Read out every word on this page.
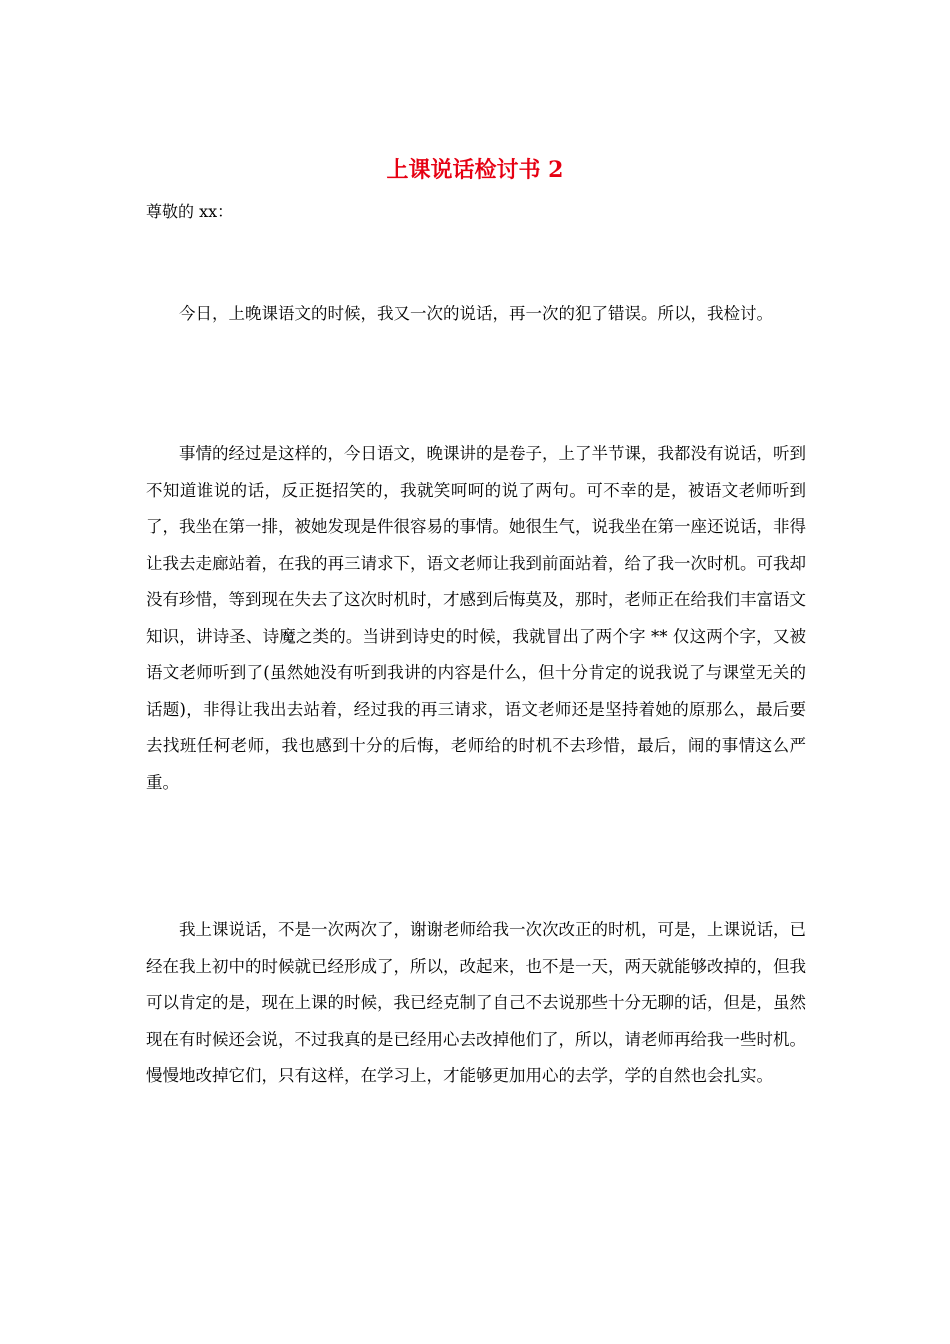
上课说话检讨书 2

尊敬的 xx：

今日，上晚课语文的时候，我又一次的说话，再一次的犯了错误。所以，我检讨。

事情的经过是这样的，今日语文，晚课讲的是卷子，上了半节课，我都没有说话，听到不知道谁说的话，反正挺招笑的，我就笑呵呵的说了两句。可不幸的是，被语文老师听到了，我坐在第一排，被她发现是件很容易的事情。她很生气，说我坐在第一座还说话，非得让我去走廊站着，在我的再三请求下，语文老师让我到前面站着，给了我一次时机。可我却没有珍惜，等到现在失去了这次时机时，才感到后悔莫及，那时，老师正在给我们丰富语文知识，讲诗圣、诗魔之类的。当讲到诗史的时候，我就冒出了两个字 ** 仅这两个字，又被语文老师听到了(虽然她没有听到我讲的内容是什么，但十分肯定的说我说了与课堂无关的话题)，非得让我出去站着，经过我的再三请求，语文老师还是坚持着她的原那么，最后要去找班任柯老师，我也感到十分的后悔，老师给的时机不去珍惜，最后，闹的事情这么严重。

我上课说话，不是一次两次了，谢谢老师给我一次次改正的时机，可是，上课说话，已经在我上初中的时候就已经形成了，所以，改起来，也不是一天，两天就能够改掉的，但我可以肯定的是，现在上课的时候，我已经克制了自己不去说那些十分无聊的话，但是，虽然现在有时候还会说，不过我真的是已经用心去改掉他们了，所以，请老师再给我一些时机。慢慢地改掉它们，只有这样，在学习上，才能够更加用心的去学，学的自然也会扎实。
